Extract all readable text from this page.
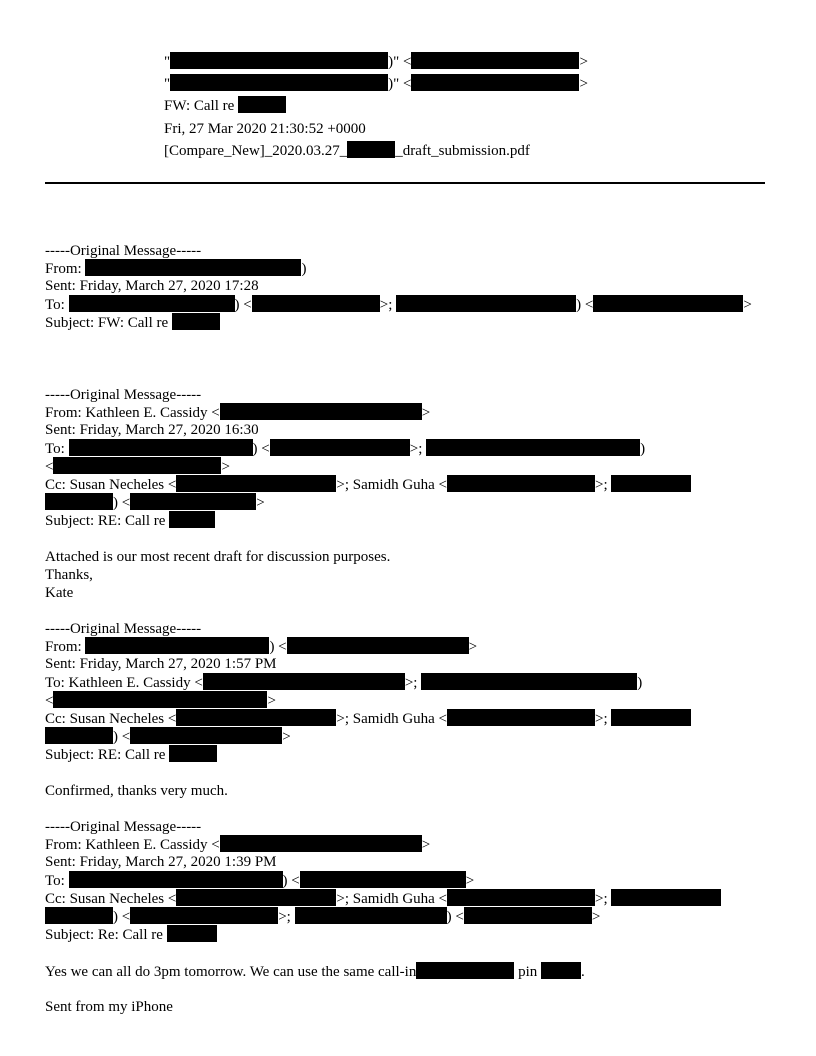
"	)" <	>
"	)" <	>
FW: Call re
Fri, 27 Mar 2020 21:30:52 +0000
[Compare_New]_2020.03.27_	_draft_submission.pdf
-----Original Message-----
From:	)
Sent: Friday, March 27, 2020 17:28
To:	) <	>;	) <	>
Subject: FW: Call re
-----Original Message-----
From: Kathleen E. Cassidy <	>
Sent: Friday, March 27, 2020 16:30
To:	) <	>;	)
<	>
Cc: Susan Necheles <	>; Samidh Guha <	>;
) <	>
Subject: RE: Call re
Attached is our most recent draft for discussion purposes.
Thanks,
Kate
-----Original Message-----
From:	) <	>
Sent: Friday, March 27, 2020 1:57 PM
To: Kathleen E. Cassidy <	>;	)
<	>
Cc: Susan Necheles <	>; Samidh Guha <	>;
) <	>
Subject: RE: Call re
Confirmed, thanks very much.
-----Original Message-----
From: Kathleen E. Cassidy <	>
Sent: Friday, March 27, 2020 1:39 PM
To:	) <	>
Cc: Susan Necheles <	>; Samidh Guha <	>;
) <	>;	) <	>
Subject: Re: Call re
Yes we can all do 3pm tomorrow. We can use the same call-in	pin	.
Sent from my iPhone
